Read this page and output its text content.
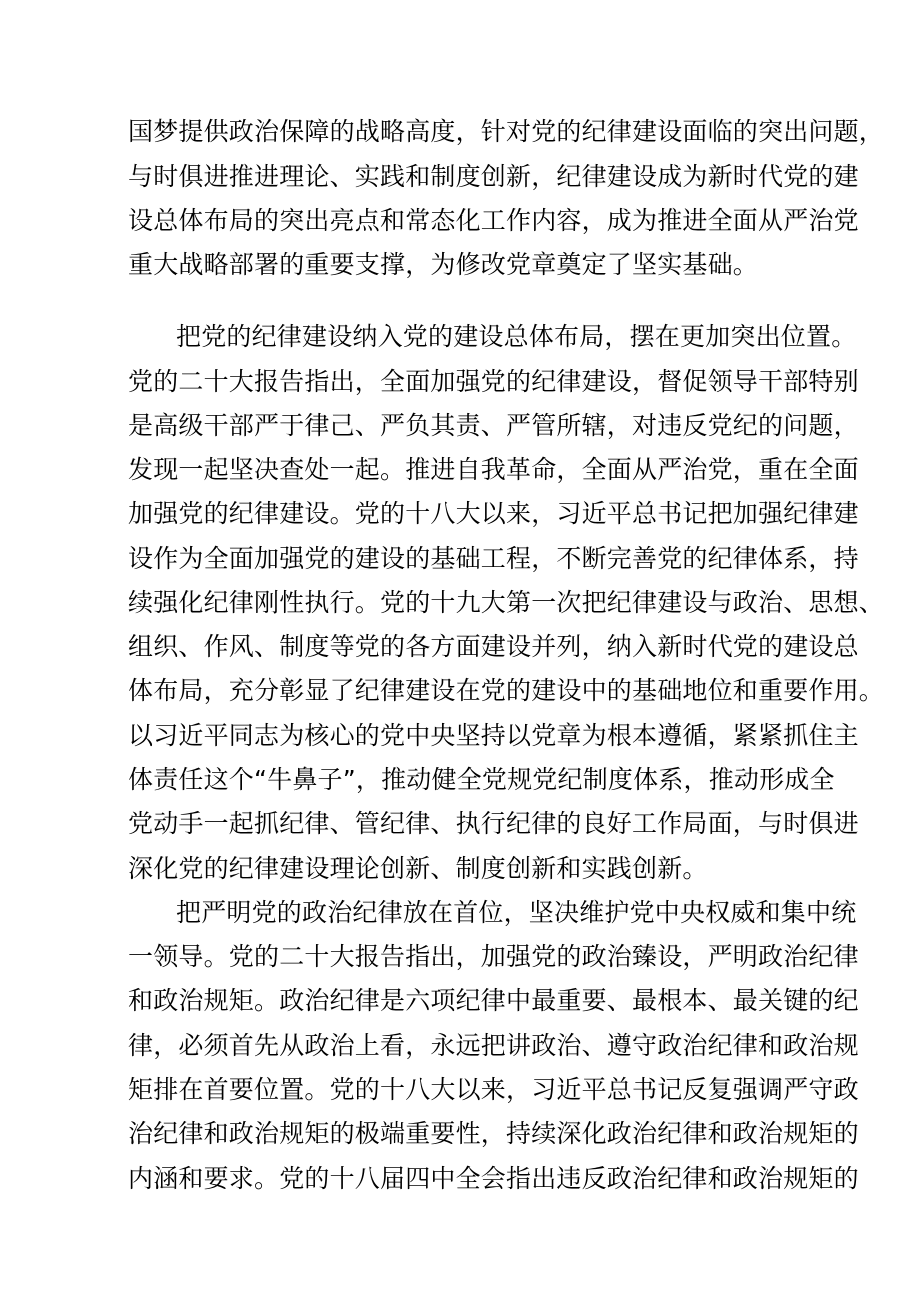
国梦提供政治保障的战略高度，针对党的纪律建设面临的突出问题，
与时俱进推进理论、实践和制度创新，纪律建设成为新时代党的建
设总体布局的突出亮点和常态化工作内容，成为推进全面从严治党
重大战略部署的重要支撑，为修改党章奠定了坚实基础。
把党的纪律建设纳入党的建设总体布局，摆在更加突出位置。
党的二十大报告指出，全面加强党的纪律建设，督促领导干部特别
是高级干部严于律己、严负其责、严管所辖，对违反党纪的问题，
发现一起坚决查处一起。推进自我革命，全面从严治党，重在全面
加强党的纪律建设。党的十八大以来，习近平总书记把加强纪律建
设作为全面加强党的建设的基础工程，不断完善党的纪律体系，持
续强化纪律刚性执行。党的十九大第一次把纪律建设与政治、思想、
组织、作风、制度等党的各方面建设并列，纳入新时代党的建设总
体布局，充分彰显了纪律建设在党的建设中的基础地位和重要作用。
以习近平同志为核心的党中央坚持以党章为根本遵循，紧紧抓住主
体责任这个“牛鼻子”，推动健全党规党纪制度体系，推动形成全
党动手一起抓纪律、管纪律、执行纪律的良好工作局面，与时俱进
深化党的纪律建设理论创新、制度创新和实践创新。
把严明党的政治纪律放在首位，坚决维护党中央权威和集中统
一领导。党的二十大报告指出，加强党的政治臻设，严明政治纪律
和政治规矩。政治纪律是六项纪律中最重要、最根本、最关键的纪
律，必须首先从政治上看，永远把讲政治、遵守政治纪律和政治规
矩排在首要位置。党的十八大以来，习近平总书记反复强调严守政
治纪律和政治规矩的极端重要性，持续深化政治纪律和政治规矩的
内涵和要求。党的十八届四中全会指出违反政治纪律和政治规矩的
